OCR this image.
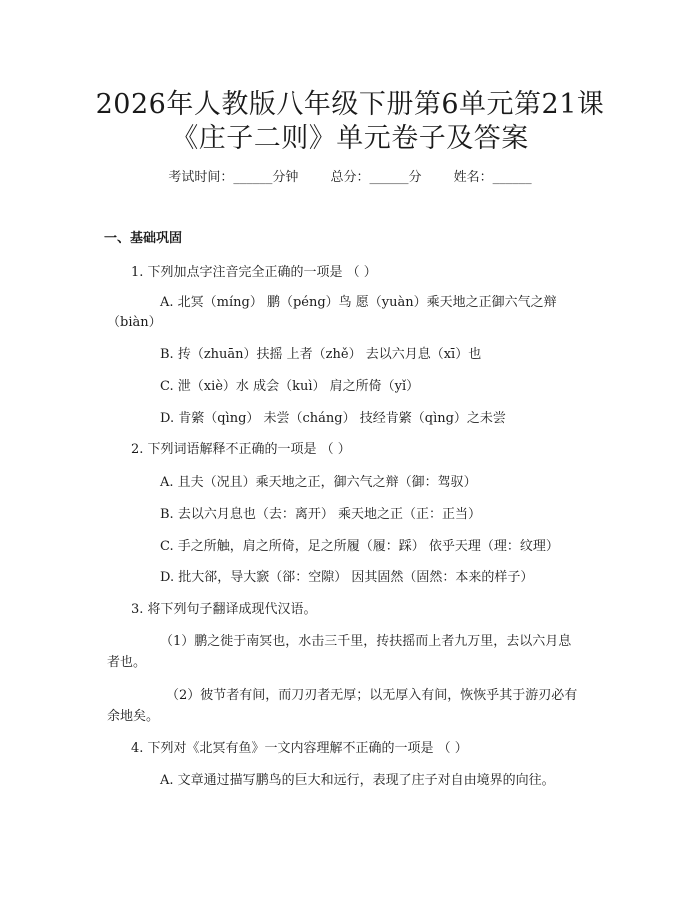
2026年人教版八年级下册第6单元第21课
《庄子二则》单元卷子及答案
考试时间：______分钟 总分：______分 姓名：______
一、基础巩固
1. 下列加点字注音完全正确的一项是 （ ）
A. 北冥（míng） 鹏（péng）鸟 愿（yuàn）乘天地之正御六气之辩
（biàn）
B. 抟（zhuān）扶摇 上者（zhě） 去以六月息（xī）也
C. 泄（xiè）水 成会（kuì） 肩之所倚（yǐ）
D. 肯綮（qìng） 未尝（cháng） 技经肯綮（qìng）之未尝
2. 下列词语解释不正确的一项是 （ ）
A. 且夫（况且）乘天地之正，御六气之辩（御：驾驭）
B. 去以六月息也（去：离开） 乘天地之正（正：正当）
C. 手之所触，肩之所倚，足之所履（履：踩） 依乎天理（理：纹理）
D. 批大郤，导大窾（郤：空隙） 因其固然（固然：本来的样子）
3. 将下列句子翻译成现代汉语。
（1）鹏之徙于南冥也，水击三千里，抟扶摇而上者九万里，去以六月息
者也。
（2）彼节者有间，而刀刃者无厚；以无厚入有间，恢恢乎其于游刃必有
余地矣。
4. 下列对《北冥有鱼》一文内容理解不正确的一项是 （ ）
A. 文章通过描写鹏鸟的巨大和远行，表现了庄子对自由境界的向往。
